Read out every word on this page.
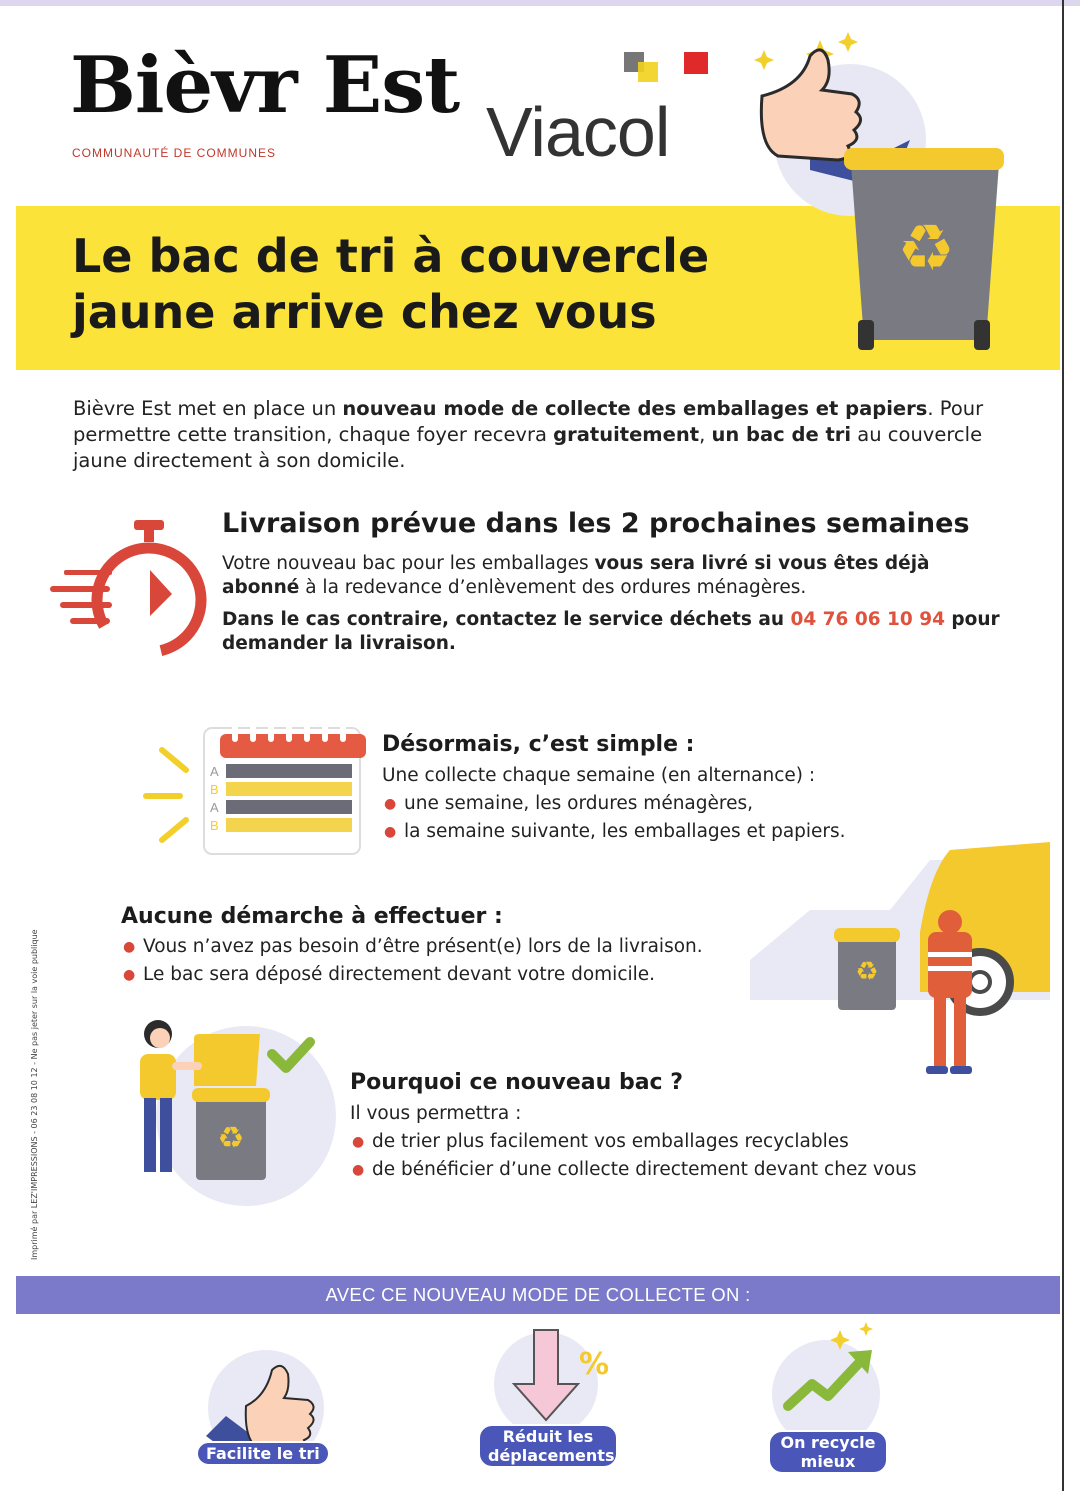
Bièvr Est
COMMUNAUTÉ DE COMMUNES	Viacol
Le bac de tri à couvercle
jaune arrive chez vous
♻
Bièvre Est met en place un nouveau mode de collecte des emballages et papiers. Pour permettre cette transition, chaque foyer recevra gratuitement, un bac de tri au couvercle jaune directement à son domicile.
Livraison prévue dans les 2 prochaines semaines
Votre nouveau bac pour les emballages vous sera livré si vous êtes déjà abonné à la redevance d’enlèvement des ordures ménagères.
Dans le cas contraire, contactez le service déchets au 04 76 06 10 94 pour demander la livraison.
A
B
A
B
Désormais, c’est simple :
Une collecte chaque semaine (en alternance) :
● une semaine, les ordures ménagères,
● la semaine suivante, les emballages et papiers.
♻
Aucune démarche à effectuer :
● Vous n’avez pas besoin d’être présent(e) lors de la livraison.
● Le bac sera déposé directement devant votre domicile.
♻
Pourquoi ce nouveau bac ?
Il vous permettra :
● de trier plus facilement vos emballages recyclables
● de bénéficier d’une collecte directement devant chez vous
Imprimé par LEZ'IMPRESSIONS - 06 23 08 10 12 - Ne pas jeter sur la voie publique
AVEC CE NOUVEAU MODE DE COLLECTE ON :
Facilite le tri
%
Réduit les déplacements
On recycle mieux
